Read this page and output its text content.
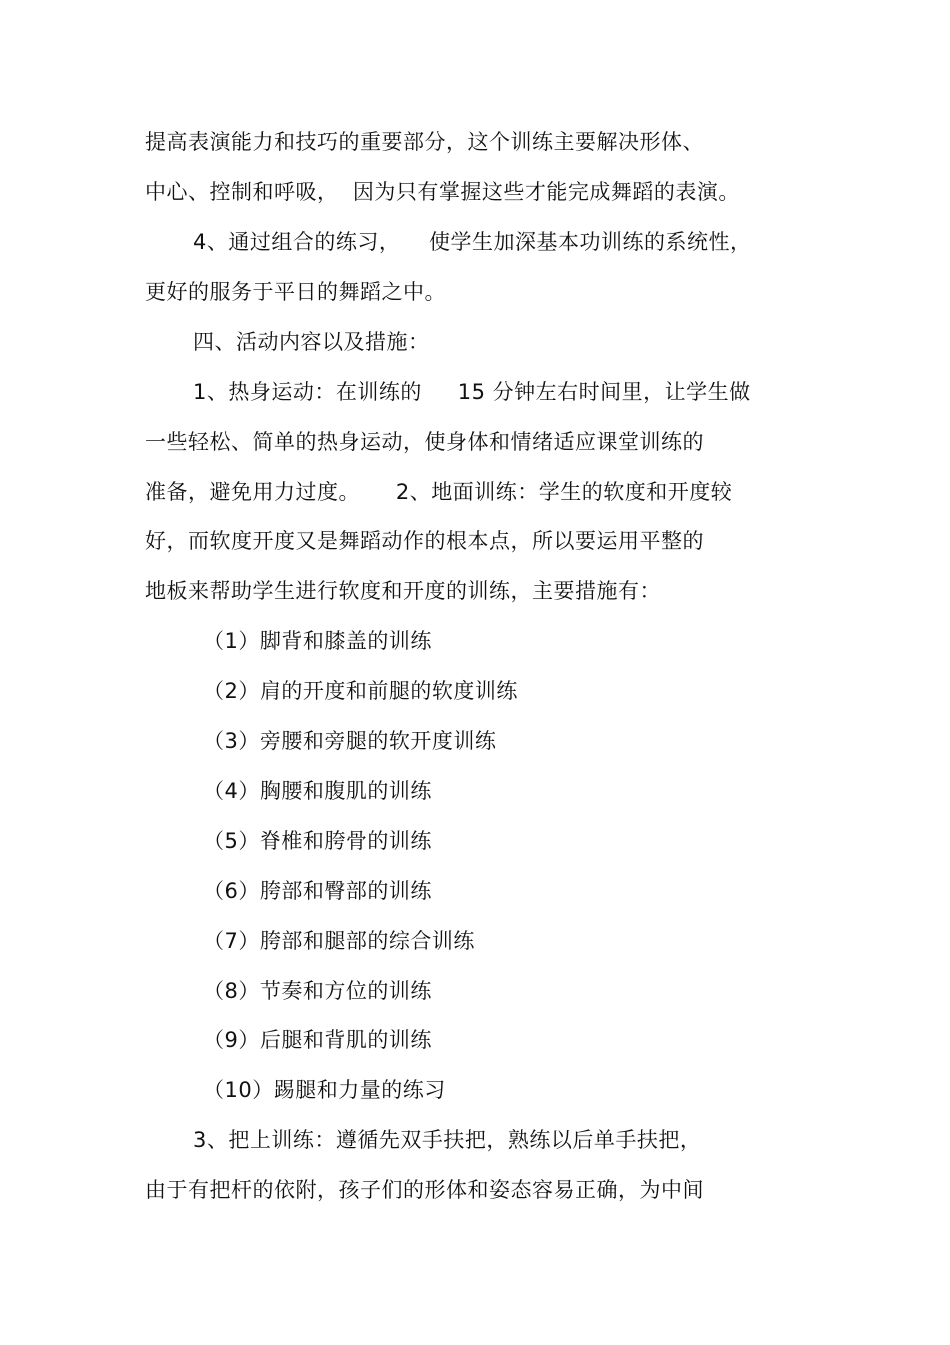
提高表演能力和技巧的重要部分，这个训练主要解决形体、
中心、控制和呼吸，  因为只有掌握这些才能完成舞蹈的表演。
4、通过组合的练习，    使学生加深基本功训练的系统性，
更好的服务于平日的舞蹈之中。
四、活动内容以及措施：
1、热身运动：在训练的     15 分钟左右时间里，让学生做
一些轻松、简单的热身运动，使身体和情绪适应课堂训练的
准备，避免用力过度。     2、地面训练：学生的软度和开度较
好，而软度开度又是舞蹈动作的根本点，所以要运用平整的
地板来帮助学生进行软度和开度的训练，主要措施有：
（1）脚背和膝盖的训练
（2）肩的开度和前腿的软度训练
（3）旁腰和旁腿的软开度训练
（4）胸腰和腹肌的训练
（5）脊椎和胯骨的训练
（6）胯部和臀部的训练
（7）胯部和腿部的综合训练
（8）节奏和方位的训练
（9）后腿和背肌的训练
（10）踢腿和力量的练习
3、把上训练：遵循先双手扶把，熟练以后单手扶把，
由于有把杆的依附，孩子们的形体和姿态容易正确，为中间
